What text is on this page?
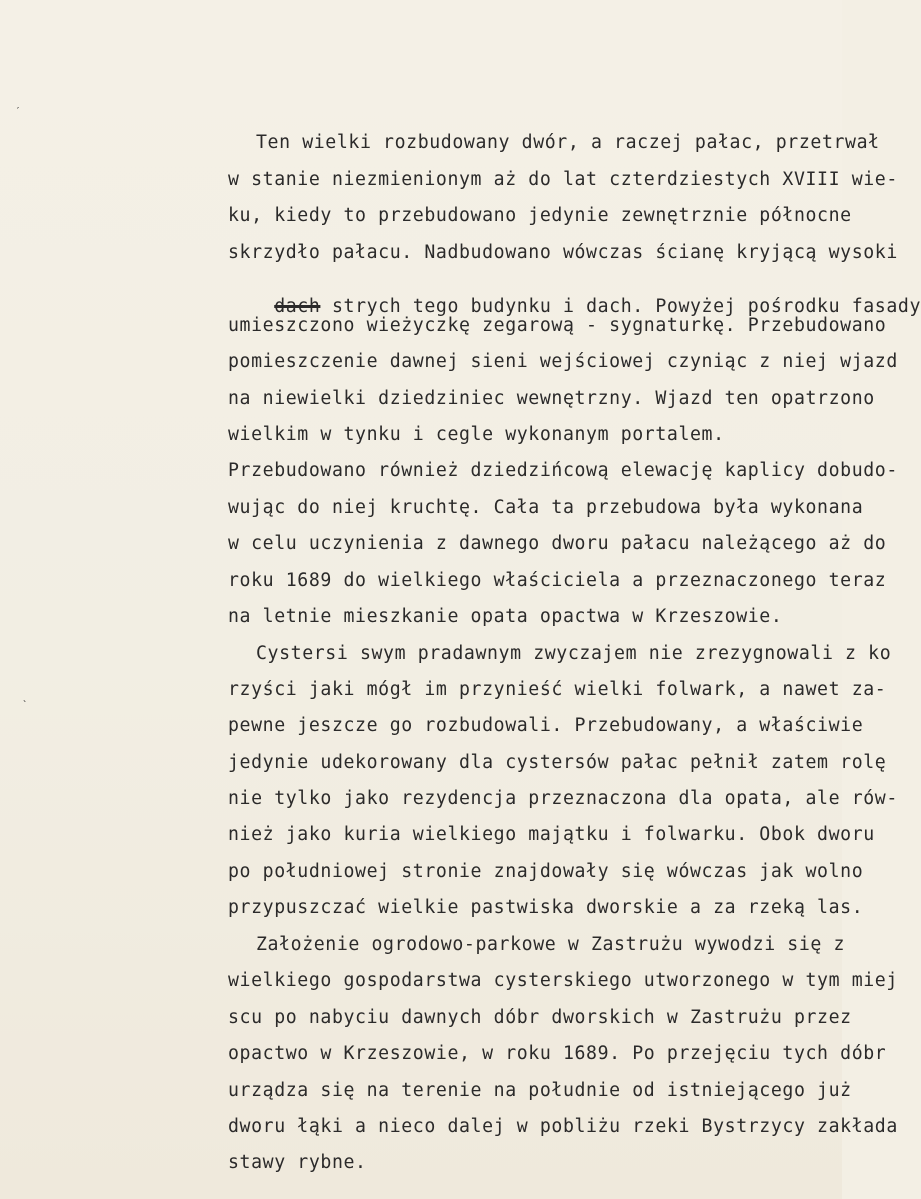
′
`
Ten wielki rozbudowany dwór, a raczej pałac, przetrwał
w stanie niezmienionym aż do lat czterdziestych XVIII wie-
ku, kiedy to przebudowano jedynie zewnętrznie północne
skrzydło pałacu. Nadbudowano wówczas ścianę kryjącą wysoki

dach strych tego budynku i dach. Powyżej pośrodku fasady

umieszczono wieżyczkę zegarową - sygnaturkę. Przebudowano
pomieszczenie dawnej sieni wejściowej czyniąc z niej wjazd
na niewielki dziedziniec wewnętrzny. Wjazd ten opatrzono
wielkim w tynku i cegle wykonanym portalem.
Przebudowano również dziedzińcową elewację kaplicy dobudo-
wując do niej kruchtę. Cała ta przebudowa była wykonana
w celu uczynienia z dawnego dworu pałacu należącego aż do
roku 1689 do wielkiego właściciela a przeznaczonego teraz
na letnie mieszkanie opata opactwa w Krzeszowie.
Cystersi swym pradawnym zwyczajem nie zrezygnowali z ko
rzyści jaki mógł im przynieść wielki folwark, a nawet za-
pewne jeszcze go rozbudowali. Przebudowany, a właściwie
jedynie udekorowany dla cystersów pałac pełnił zatem rolę
nie tylko jako rezydencja przeznaczona dla opata, ale rów-
nież jako kuria wielkiego majątku i folwarku. Obok dworu
po południowej stronie znajdowały się wówczas jak wolno
przypuszczać wielkie pastwiska dworskie a za rzeką las.
Założenie ogrodowo-parkowe w Zastrużu wywodzi się z
wielkiego gospodarstwa cysterskiego utworzonego w tym miej
scu po nabyciu dawnych dóbr dworskich w Zastrużu przez
opactwo w Krzeszowie, w roku 1689. Po przejęciu tych dóbr
urządza się na terenie na południe od istniejącego już
dworu łąki a nieco dalej w pobliżu rzeki Bystrzycy zakłada
stawy rybne.
